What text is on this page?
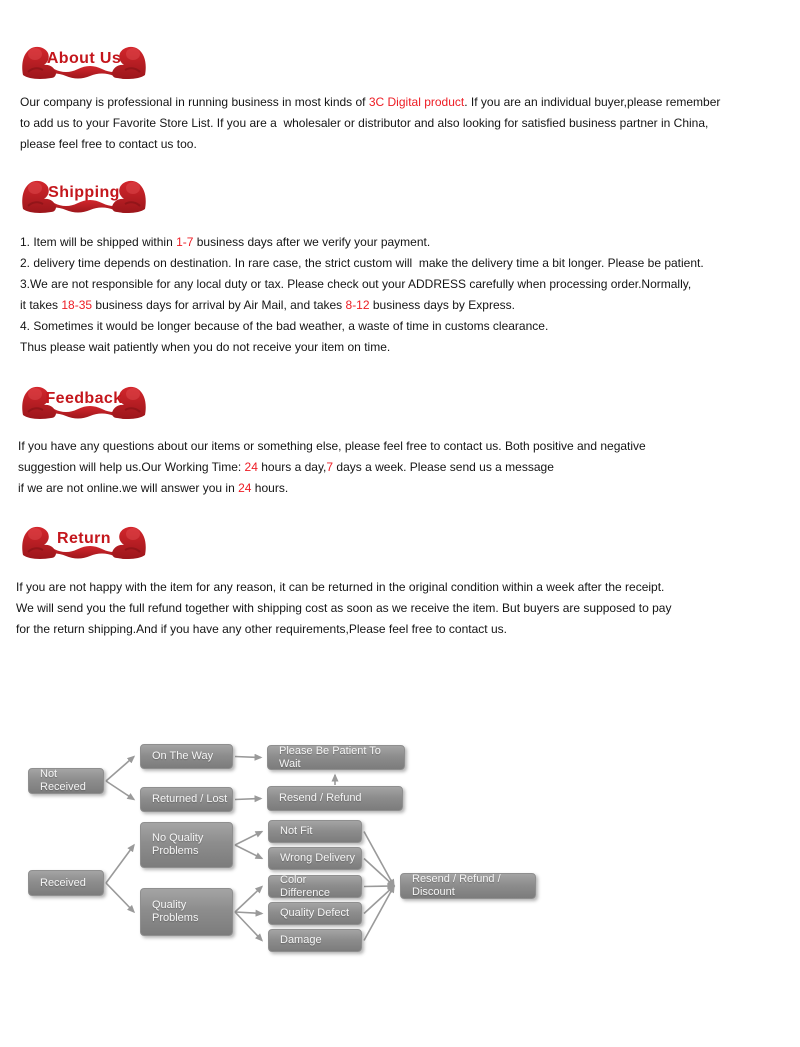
About Us
Our company is professional in running business in most kinds of 3C Digital product. If you are an individual buyer,please remember
to add us to your Favorite Store List. If you are a  wholesaler or distributor and also looking for satisfied business partner in China,
please feel free to contact us too.
Shipping
1. Item will be shipped within 1-7 business days after we verify your payment.
2. delivery time depends on destination. In rare case, the strict custom will  make the delivery time a bit longer. Please be patient.
3.We are not responsible for any local duty or tax. Please check out your ADDRESS carefully when processing order.Normally,
it takes 18-35 business days for arrival by Air Mail, and takes 8-12 business days by Express.
4. Sometimes it would be longer because of the bad weather, a waste of time in customs clearance.
Thus please wait patiently when you do not receive your item on time.
Feedback
If you have any questions about our items or something else, please feel free to contact us. Both positive and negative
suggestion will help us.Our Working Time: 24 hours a day,7 days a week. Please send us a message
if we are not online.we will answer you in 24 hours.
Return
If you are not happy with the item for any reason, it can be returned in the original condition within a week after the receipt.
We will send you the full refund together with shipping cost as soon as we receive the item. But buyers are supposed to pay
for the return shipping.And if you have any other requirements,Please feel free to contact us.
Not Received
On The Way
Returned / Lost
Please Be Patient To Wait
Resend / Refund
No Quality Problems
Quality Problems
Received
Not Fit
Wrong Delivery
Color Difference
Quality Defect
Damage
Resend / Refund / Discount
